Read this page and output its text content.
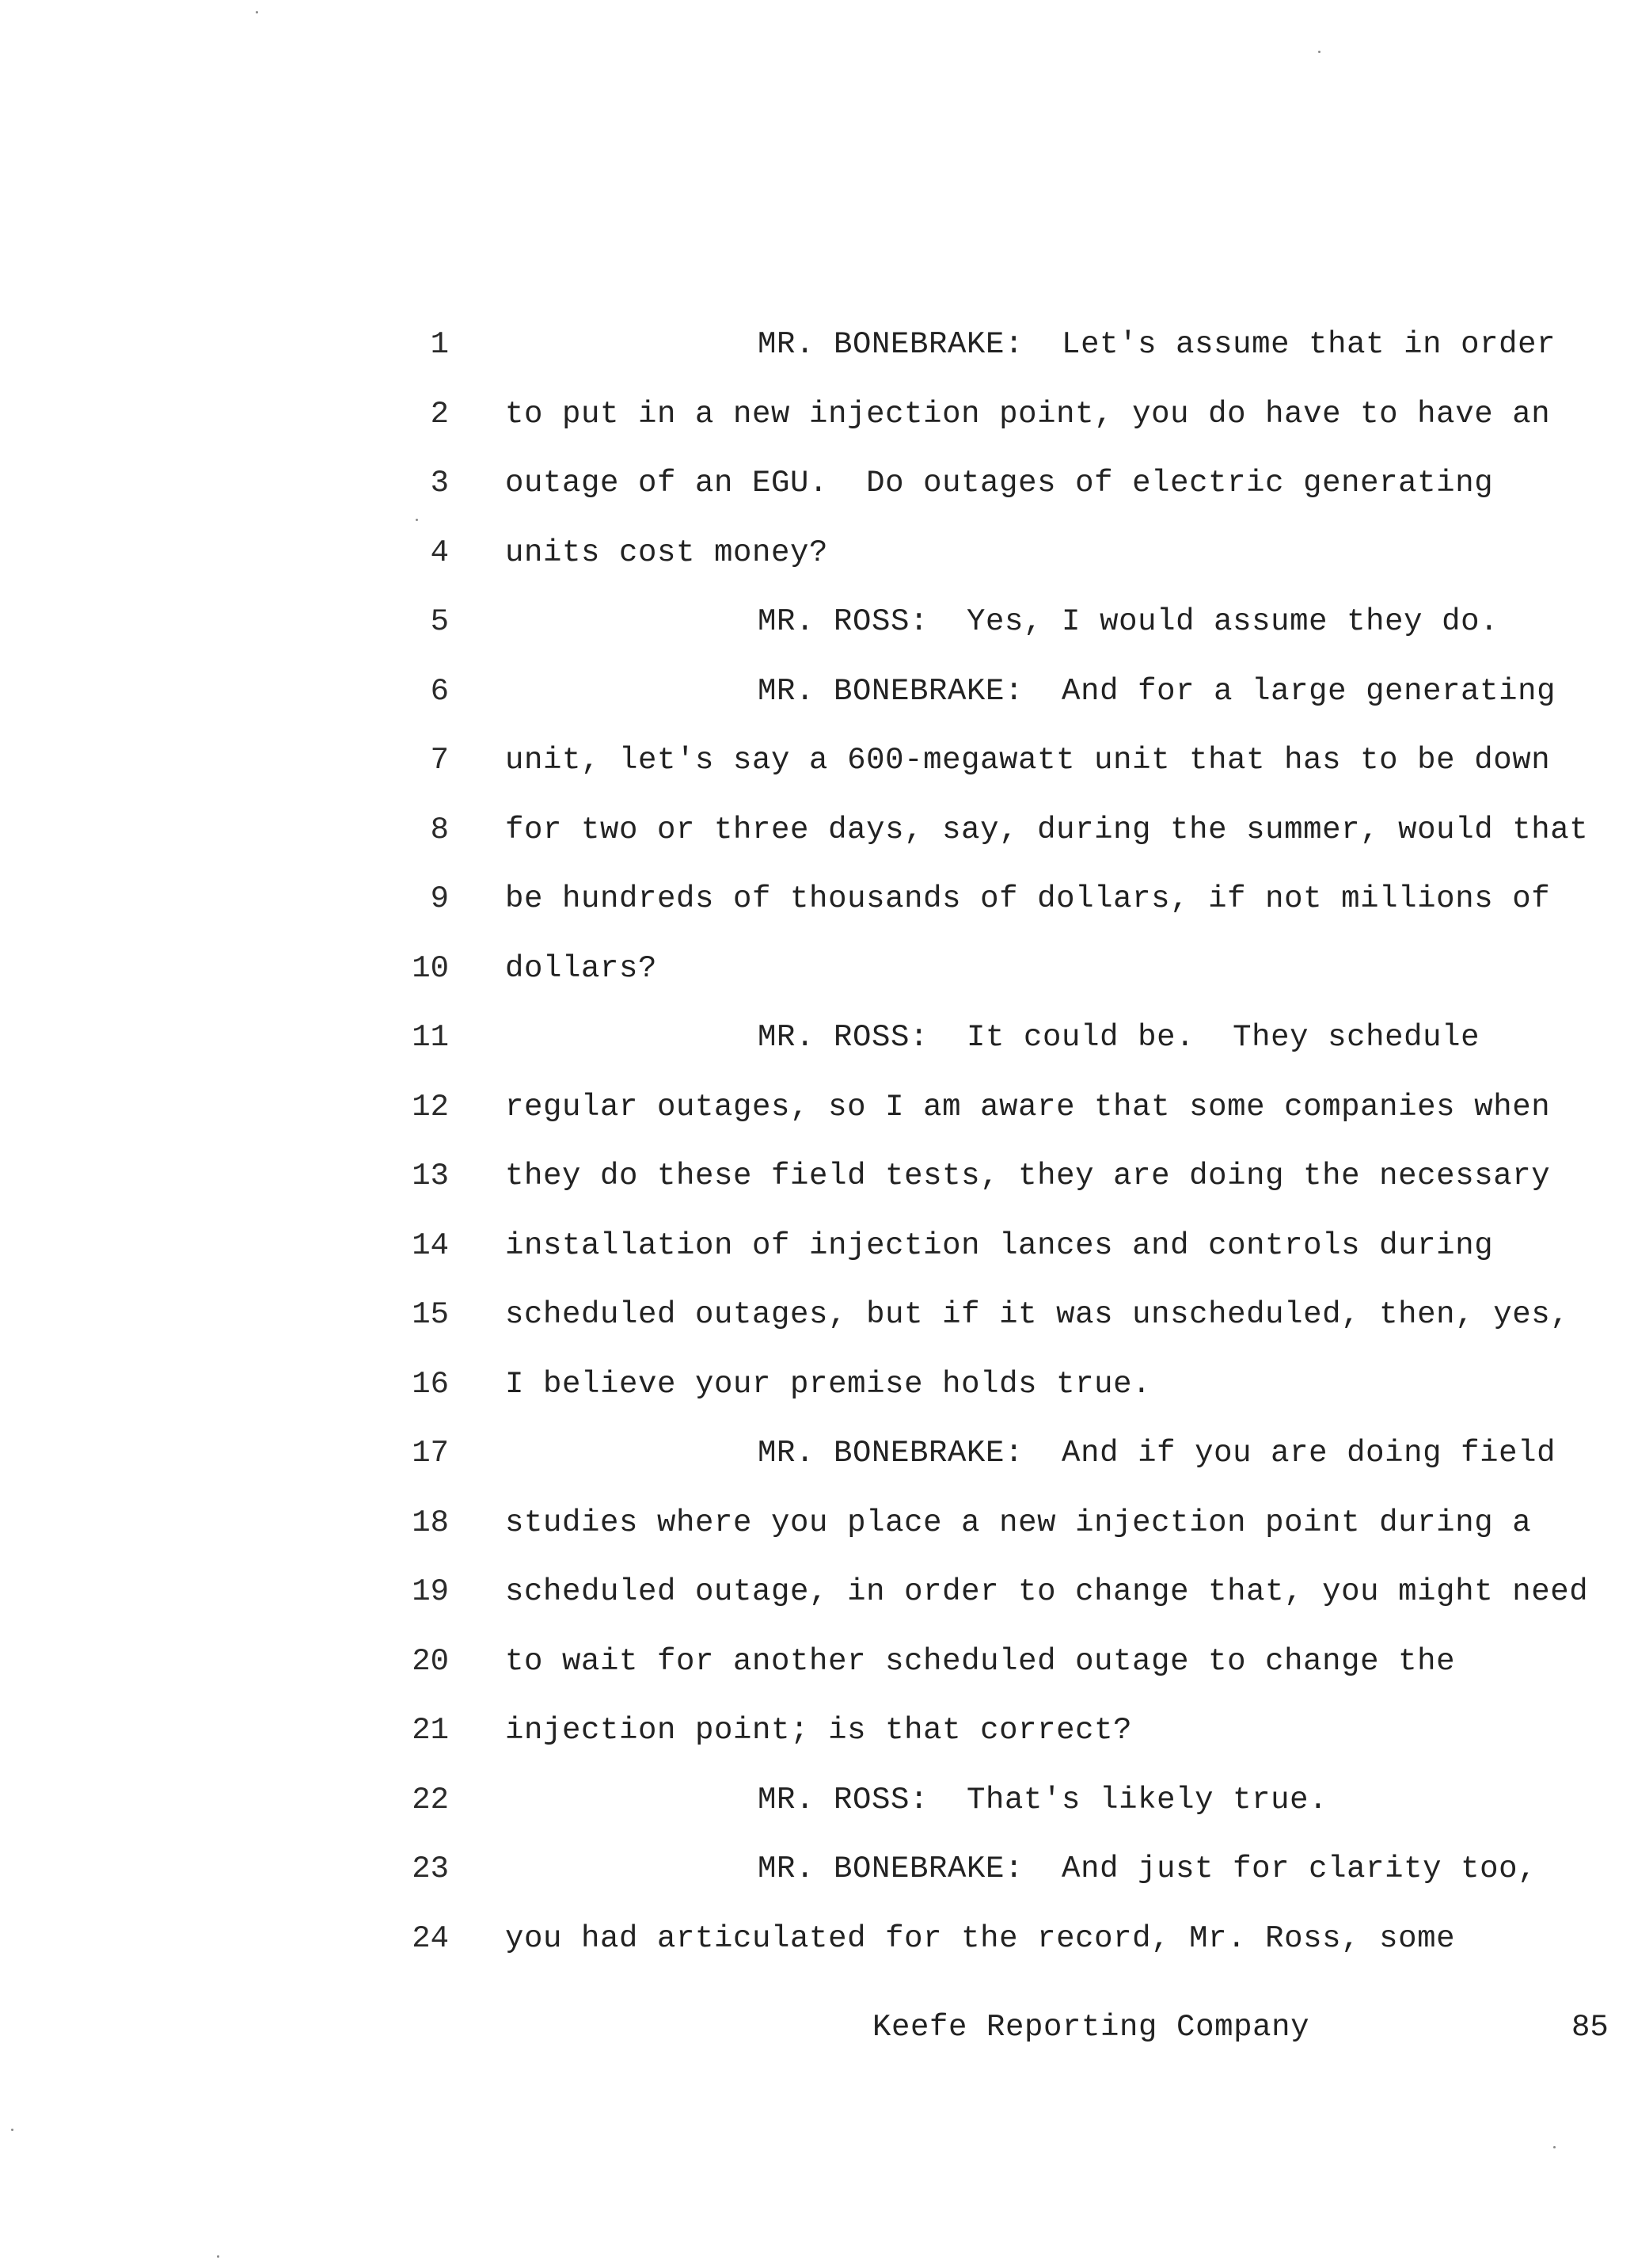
1	MR. BONEBRAKE:  Let's assume that in order
2 to put in a new injection point, you do have to have an
3 outage of an EGU.  Do outages of electric generating
4 units cost money?
5	MR. ROSS:  Yes, I would assume they do.
6	MR. BONEBRAKE:  And for a large generating
7 unit, let's say a 600-megawatt unit that has to be down
8 for two or three days, say, during the summer, would that
9 be hundreds of thousands of dollars, if not millions of
10 dollars?
11	MR. ROSS:  It could be.  They schedule
12 regular outages, so I am aware that some companies when
13 they do these field tests, they are doing the necessary
14 installation of injection lances and controls during
15 scheduled outages, but if it was unscheduled, then, yes,
16 I believe your premise holds true.
17	MR. BONEBRAKE:  And if you are doing field
18 studies where you place a new injection point during a
19 scheduled outage, in order to change that, you might need
20 to wait for another scheduled outage to change the
21 injection point; is that correct?
22	MR. ROSS:  That's likely true.
23	MR. BONEBRAKE:  And just for clarity too,
24 you had articulated for the record, Mr. Ross, some
Keefe Reporting Company	85
